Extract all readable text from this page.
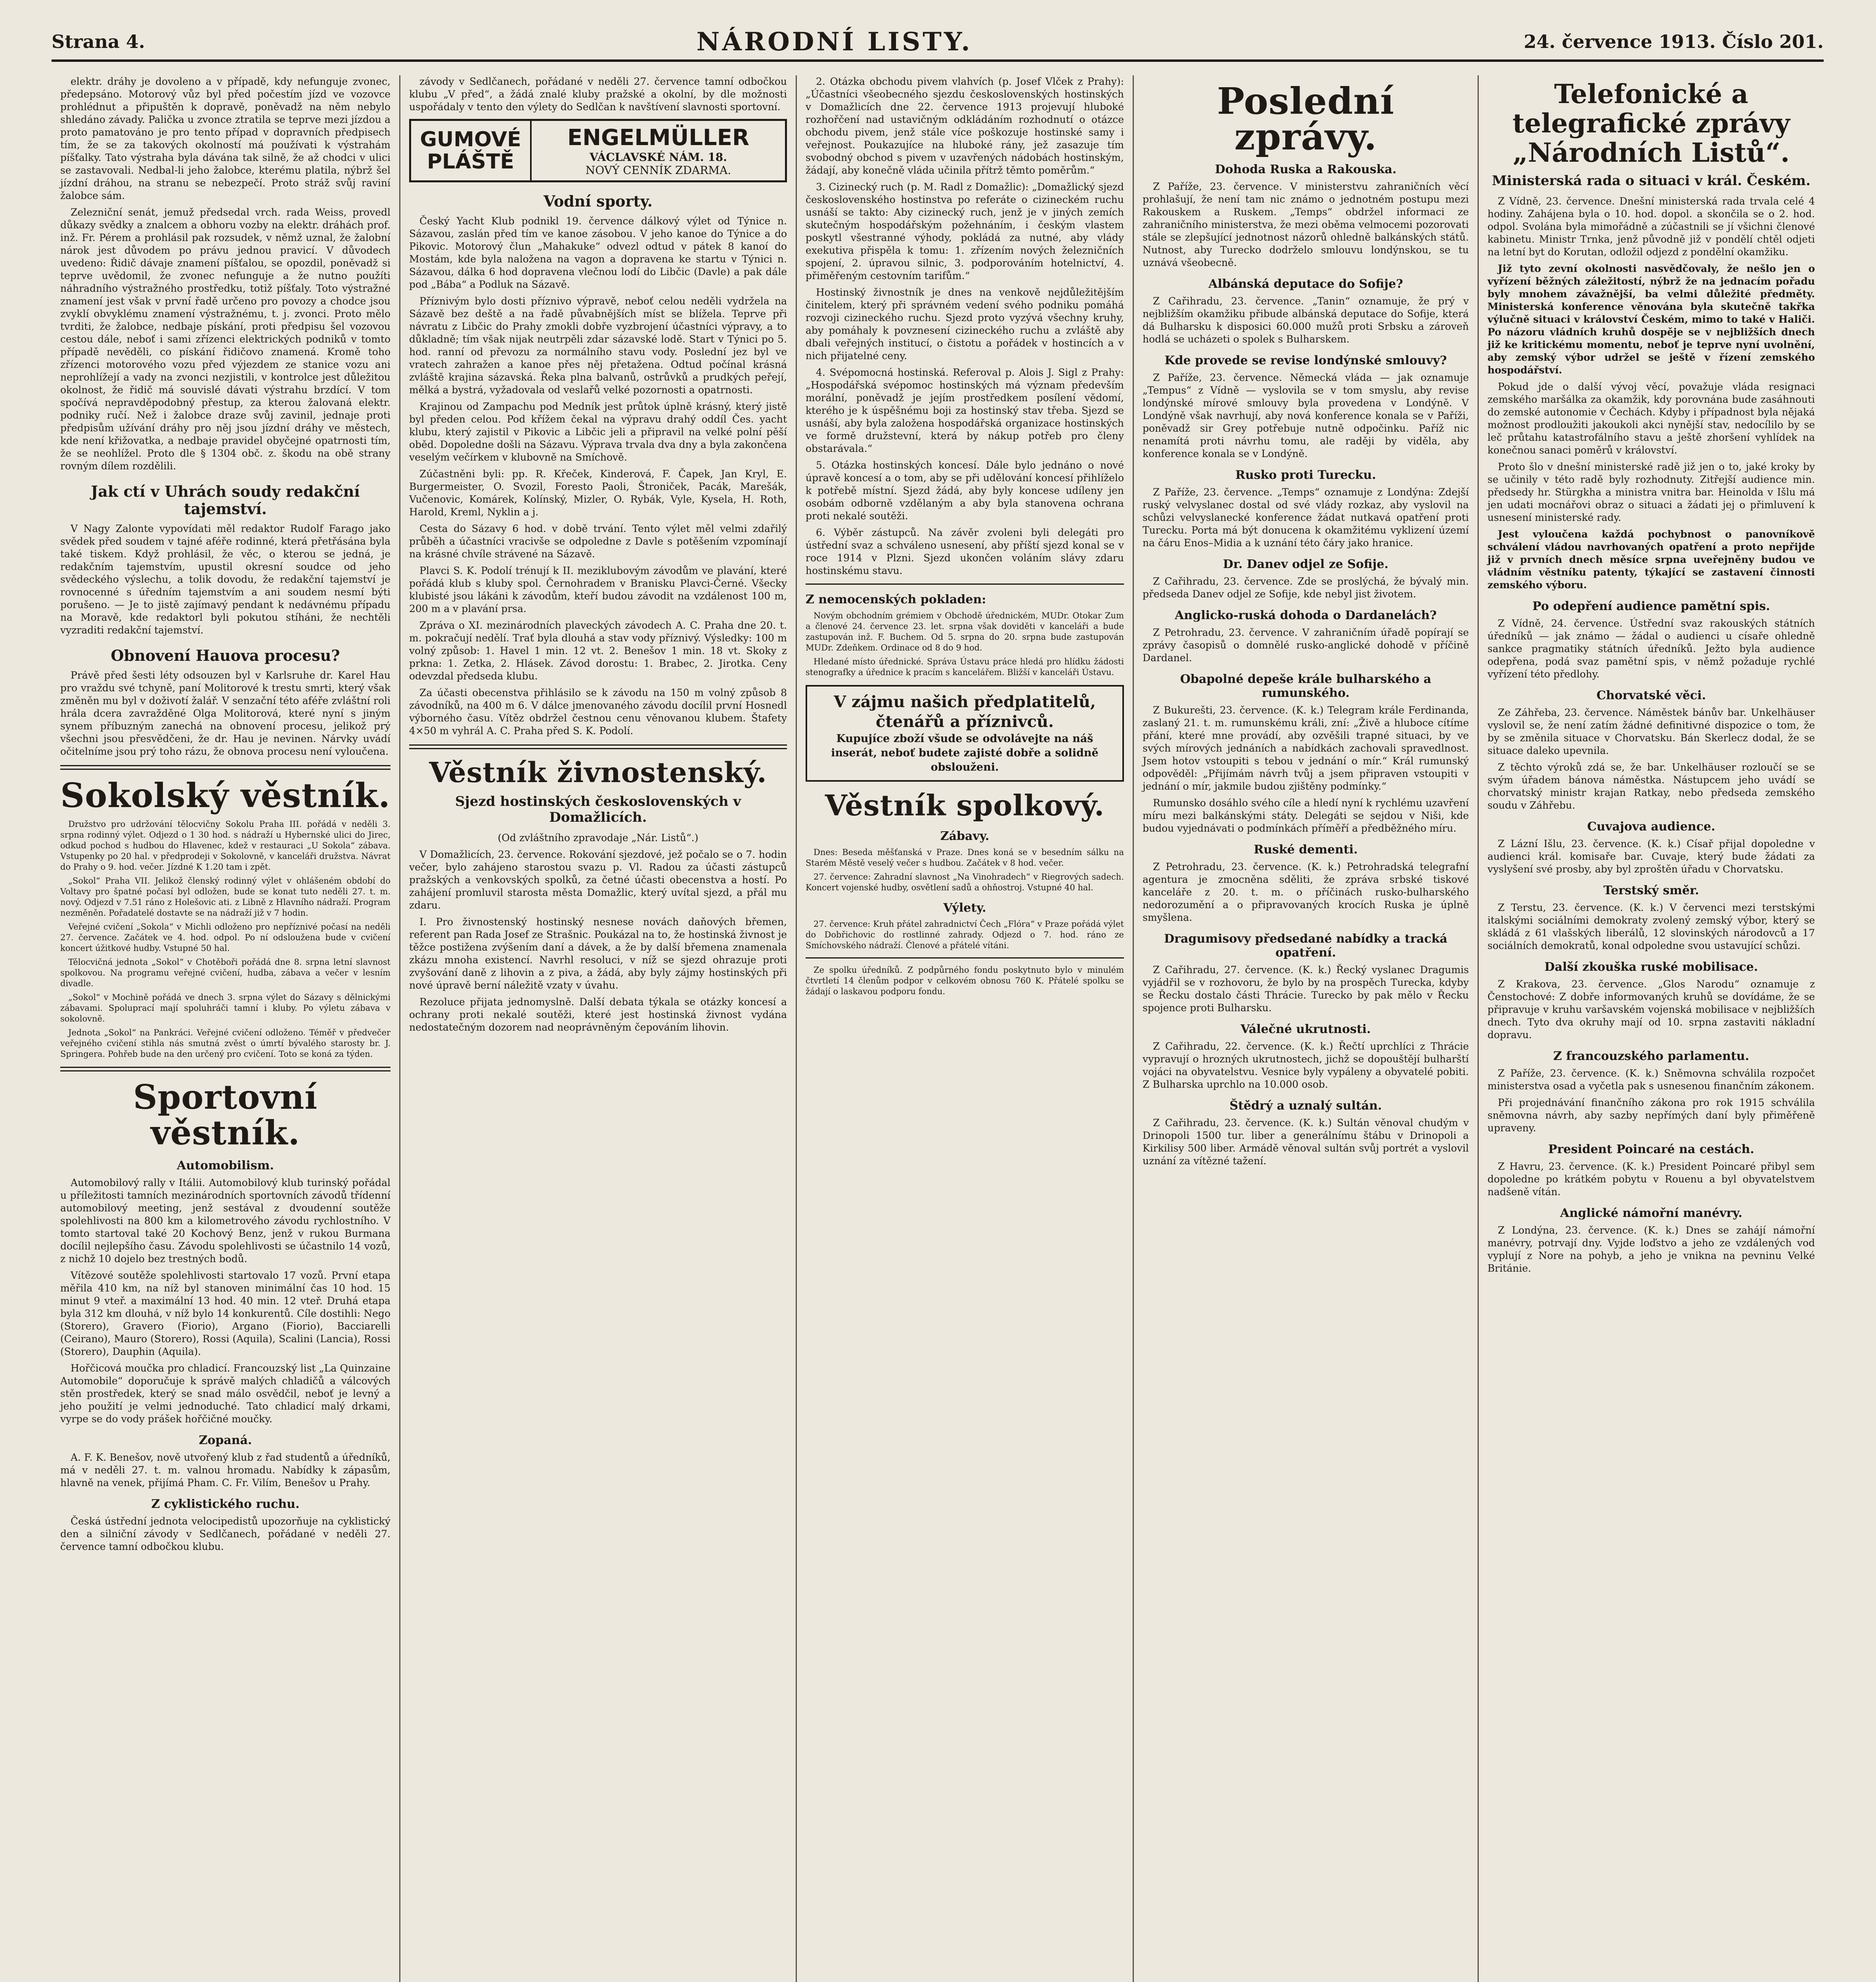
Strana 4.	NÁRODNÍ LISTY.	24. července 1913. Číslo 201.

elektr. dráhy je dovoleno a v případě, kdy nefunguje zvonec, předepsáno. Motorový vůz byl před počestím jízd ve vozovce prohlédnut a připuštěn k dopravě, poněvadž na něm nebylo shledáno závady. Palička u zvonce ztratila se teprve mezi jízdou a proto pamatováno je pro tento případ v dopravních předpisech tím, že se za takových okolností má používati k výstrahám píšťalky. Tato výstraha byla dávána tak silně, že až chodci v ulici se zastavovali. Nedbal-li jeho žalobce, kterému platila, nýbrž šel jízdní dráhou, na stranu se nebezpečí. Proto stráž svůj raviní žalobce sám.

Zelezniční senát, jemuž předsedal vrch. rada Weiss, provedl důkazy svědky a znalcem a obhoru vozby na elektr. dráhách prof. inž. Fr. Pérem a prohlásil pak rozsudek, v němž uznal, že žalobní nárok jest důvodem po právu jednou pravicí. V důvodech uvedeno: Řidič dávaje znamení píšťalou, se opozdil, poněvadž si teprve uvědomil, že zvonec nefunguje a že nutno použíti náhradního výstražného prostředku, totiž píšťaly. Toto výstražné znamení jest však v první řadě určeno pro povozy a chodce jsou zvyklí obvyklému znamení výstražnému, t. j. zvonci. Proto mělo tvrditi, že žalobce, nedbaje pískání, proti předpisu šel vozovou cestou dále, neboť i sami zřízenci elektrických podniků v tomto případě nevěděli, co pískání řidičovo znamená. Kromě toho zřízenci motorového vozu před výjezdem ze stanice vozu ani neprohlížejí a vady na zvonci nezjistili, v kontrolce jest důležitou okolnost, že řidič má souvislé dávati výstrahu brzdící. V tom spočívá nepravděpodobný přestup, za kterou žalovaná elektr. podniky ručí. Než i žalobce draze svůj zavinil, jednaje proti předpisům užívání dráhy pro něj jsou jízdní dráhy ve městech, kde není křižovatka, a nedbaje pravidel obyčejné opatrnosti tím, že se neohlížel. Proto dle § 1304 obč. z. škodu na obě strany rovným dílem rozdělili.

Jak ctí v Uhrách soudy redakční tajemství.

V Nagy Zalonte vypovídati měl redaktor Rudolf Farago jako svědek před soudem v tajné aféře rodinné, která přetřásána byla také tiskem. Když prohlásil, že věc, o kterou se jedná, je redakčním tajemstvím, upustil okresní soudce od jeho svědeckého výslechu, a tolik dovodu, že redakční tajemství je rovnocenné s úředním tajemstvím a ani soudem nesmí býti porušeno. — Je to jistě zajímavý pendant k nedávnému případu na Moravě, kde redaktorl byli pokutou stíháni, že nechtěli vyzraditi redakční tajemství.

Obnovení Hauova procesu?

Právě před šesti léty odsouzen byl v Karlsruhe dr. Karel Hau pro vraždu své tchyně, paní Molitorové k trestu smrti, který však změněn mu byl v doživotí žalář. V senzační této aféře zvláštní roli hrála dcera zavražděné Olga Molitorová, které nyní s jiným synem příbuzným zanechá na obnovení procesu, jelikož prý všechni jsou přesvědčeni, že dr. Hau je nevinen. Nárvky uvádí očitelníme jsou prý toho rázu, že obnova procesu není vyloučena.

Sokolský věstník.

Družstvo pro udržování tělocvičny Sokolu Praha III. pořádá v neděli 3. srpna rodinný výlet. Odjezd o 1 30 hod. s nádraží u Hybernské ulici do Jirec, odkud pochod s hudbou do Hlavenec, kdež v restauraci „U Sokola“ zábava. Vstupenky po 20 hal. v předprodeji v Sokolovně, v kanceláři družstva. Návrat do Prahy o 9. hod. večer. Jízdné K 1.20 tam i zpět.

„Sokol“ Praha VII. Jelikož členský rodinný výlet v ohlášeném období do Voltavy pro špatné počasí byl odložen, bude se konat tuto neděli 27. t. m. nový. Odjezd v 7.51 ráno z Holešovic ati. z Libně z Hlavního nádraží. Program nezměněn. Pořadatelé dostavte se na nádraží již v 7 hodin.

Veřejné cvičení „Sokola“ v Michli odloženo pro nepříznivé počasí na neděli 27. července. Začátek ve 4. hod. odpol. Po ní odsloužena bude v cvičení koncert úžitkové hudby. Vstupné 50 hal.

Tělocvičná jednota „Sokol“ v Chotěboři pořádá dne 8. srpna letní slavnost spolkovou. Na programu veřejné cvičení, hudba, zábava a večer v lesním divadle.

„Sokol“ v Mochině pořádá ve dnech 3. srpna výlet do Sázavy s dělnickými zábavami. Spoluprací mají spoluhráči tamní i kluby. Po výletu zábava v sokolovně.

Jednota „Sokol“ na Pankráci. Veřejné cvičení odloženo. Téměř v předvečer veřejného cvičení stihla nás smutná zvěst o úmrtí bývalého starosty br. J. Springera. Pohřeb bude na den určený pro cvičení. Toto se koná za týden.

Sportovní věstník.
Automobilism.

Automobilový rally v Itálii. Automobilový klub turinský pořádal u příležitosti tamních mezinárodních sportovních závodů třídenní automobilový meeting, jenž sestával z dvoudenní soutěže spolehlivosti na 800 km a kilometrového závodu rychlostního. V tomto startoval také 20 Kochový Benz, jenž v rukou Burmana docílil nejlepšího času. Závodu spolehlivosti se účastnilo 14 vozů, z nichž 10 dojelo bez trestných bodů.

Vítězové soutěže spolehlivosti startovalo 17 vozů. První etapa měřila 410 km, na níž byl stanoven minimální čas 10 hod. 15 minut 9 vteř. a maximální 13 hod. 40 min. 12 vteř. Druhá etapa byla 312 km dlouhá, v níž bylo 14 konkurentů. Cíle dostihli: Nego (Storero), Gravero (Fiorio), Argano (Fiorio), Bacciarelli (Ceirano), Mauro (Storero), Rossi (Aquila), Scalini (Lancia), Rossi (Storero), Dauphin (Aquila).

Hořčicová moučka pro chladicí. Francouzský list „La Quinzaine Automobile“ doporučuje k správě malých chladičů a válcových stěn prostředek, který se snad málo osvědčil, neboť je levný a jeho použití je velmi jednoduché. Tato chladicí malý drkami, vyrpe se do vody prášek hořčičné moučky.

Zopaná.

A. F. K. Benešov, nově utvořený klub z řad studentů a úředníků, má v neděli 27. t. m. valnou hromadu. Nabídky k zápasům, hlavně na venek, přijímá Pham. C. Fr. Vilím, Benešov u Prahy.

Z cyklistického ruchu.

Česká ústřední jednota velocipedistů upozorňuje na cyklistický den a silniční závody v Sedlčanech, pořádané v neděli 27. července tamní odbočkou klubu.

závody v Sedlčanech, pořádané v neděli 27. července tamní odbočkou klubu „V před“, a žádá znalé kluby pražské a okolní, by dle možnosti uspořádaly v tento den výlety do Sedlčan k navštívení slavnosti sportovní.

GUMOVÉ
PLÁŠTĚ
ENGELMÜLLER
VÁCLAVSKÉ NÁM. 18.
NOVÝ CENNÍK ZDARMA.
Vodní sporty.

Český Yacht Klub podnikl 19. července dálkový výlet od Týnice n. Sázavou, zaslán před tím ve kanoe zásobou. V jeho kanoe do Týnice a do Pikovic. Motorový člun „Mahakuke“ odvezl odtud v pátek 8 kanoí do Mostám, kde byla naložena na vagon a dopravena ke startu v Týnici n. Sázavou, dálka 6 hod dopravena vlečnou lodí do Libčic (Davle) a pak dále pod „Bába“ a Podluk na Sázavě.

Příznivým bylo dosti příznivo výpravě, neboť celou neděli vydržela na Sázavě bez deště a na řadě půvabnějších míst se blížela. Teprve při návratu z Libčic do Prahy zmokli dobře vyzbrojení účastníci výpravy, a to důkladně; tím však nijak neutrpěli zdar sázavské lodě. Start v Týnici po 5. hod. ranní od převozu za normálního stavu vody. Poslední jez byl ve vratech zahražen a kanoe přes něj přetažena. Odtud počínal krásná zvláště krajina sázavská. Řeka plna balvanů, ostrůvků a prudkých peřejí, mělká a bystrá, vyžadovala od veslařů velké pozornosti a opatrnosti.

Krajinou od Zampachu pod Medník jest průtok úplně krásný, který jistě byl předen celou. Pod křížem čekal na výpravu drahý oddíl Čes. yacht klubu, který zajistil v Pikovic a Libčic jeli a připravil na velké polní pěší oběd. Dopoledne došli na Sázavu. Výprava trvala dva dny a byla zakončena veselým večírkem v klubovně na Smíchově.

Zúčastněni byli: pp. R. Křeček, Kinderová, F. Čapek, Jan Kryl, E. Burgermeister, O. Svozil, Foresto Paoli, Štroniček, Pacák, Marešák, Vučenovic, Komárek, Kolínský, Mizler, O. Rybák, Vyle, Kysela, H. Roth, Harold, Kreml, Nyklin a j.

Cesta do Sázavy 6 hod. v době trvání. Tento výlet měl velmi zdařilý průběh a účastníci vracivše se odpoledne z Davle s potěšením vzpomínají na krásné chvíle strávené na Sázavě.

Plavci S. K. Podolí trénují k II. meziklubovým závodům ve plavání, které pořádá klub s kluby spol. Černohradem v Branisku Plavci-Černé. Všecky klubisté jsou lákáni k závodům, kteří budou závodit na vzdálenost 100 m, 200 m a v plavání prsa.

Zpráva o XI. mezinárodních plaveckých závodech A. C. Praha dne 20. t. m. pokračují nedělí. Trať byla dlouhá a stav vody příznivý. Výsledky: 100 m volný způsob: 1. Havel 1 min. 12 vt. 2. Benešov 1 min. 18 vt. Skoky z prkna: 1. Zetka, 2. Hlásek. Závod dorostu: 1. Brabec, 2. Jirotka. Ceny odevzdal předseda klubu.

Za účasti obecenstva přihlásilo se k závodu na 150 m volný způsob 8 závodníků, na 400 m 6. V dálce jmenovaného závodu docílil první Hosnedl výborného času. Vítěz obdržel čestnou cenu věnovanou klubem. Štafety 4×50 m vyhrál A. C. Praha před S. K. Podolí.

Věstník živnostenský.
Sjezd hostinských československých v Domažlicích.

(Od zvláštního zpravodaje „Nár. Listů“.)

V Domažlicích, 23. července. Rokování sjezdové, jež počalo se o 7. hodin večer, bylo zahájeno starostou svazu p. Vl. Radou za účasti zástupců pražských a venkovských spolků, za četné účasti obecenstva a hostí. Po zahájení promluvil starosta města Domažlic, který uvítal sjezd, a přál mu zdaru.

I. Pro živnostenský hostinský nesnese novách daňových břemen, referent pan Rada Josef ze Strašnic. Poukázal na to, že hostinská živnost je těžce postižena zvýšením daní a dávek, a že by další břemena znamenala zkázu mnoha existencí. Navrhl resoluci, v níž se sjezd ohrazuje proti zvyšování daně z lihovin a z piva, a žádá, aby byly zájmy hostinských při nové úpravě berní náležitě vzaty v úvahu.

Rezoluce přijata jednomyslně. Další debata týkala se otázky koncesí a ochrany proti nekalé soutěži, které jest hostinská živnost vydána nedostatečným dozorem nad neoprávněným čepováním lihovin.

2. Otázka obchodu pivem vlahvích (p. Josef Vlček z Prahy): „Účastníci všeobecného sjezdu československých hostinských v Domažlicích dne 22. července 1913 projevují hluboké rozhořčení nad ustavičným odkládáním rozhodnutí o otázce obchodu pivem, jenž stále více poškozuje hostinské samy i veřejnost. Poukazujíce na hluboké rány, jež zasazuje tím svobodný obchod s pivem v uzavřených nádobách hostinským, žádají, aby konečně vláda učinila přítrž těmto poměrům.“

3. Cizinecký ruch (p. M. Radl z Domažlic): „Domažlický sjezd československého hostinstva po referáte o cizineckém ruchu usnáší se takto: Aby cizinecký ruch, jenž je v jiných zemích skutečným hospodářským požehnáním, i českým vlastem poskytl všestranné výhody, pokládá za nutné, aby vlády exekutiva přispěla k tomu: 1. zřízením nových železničních spojení, 2. úpravou silnic, 3. podporováním hotelnictví, 4. přiměřeným cestovním tarifům.“

Hostinský živnostník je dnes na venkově nejdůležitějším činitelem, který při správném vedení svého podniku pomáhá rozvoji cizineckého ruchu. Sjezd proto vyzývá všechny kruhy, aby pomáhaly k povznesení cizineckého ruchu a zvláště aby dbali veřejných institucí, o čistotu a pořádek v hostincích a v nich přijatelné ceny.

4. Svépomocná hostinská. Referoval p. Alois J. Sigl z Prahy: „Hospodářská svépomoc hostinských má význam především morální, poněvadž je jejím prostředkem posílení vědomí, kterého je k úspěšnému boji za hostinský stav třeba. Sjezd se usnáší, aby byla založena hospodářská organizace hostinských ve formě družstevní, která by nákup potřeb pro členy obstarávala.“

5. Otázka hostinských koncesí. Dále bylo jednáno o nové úpravě koncesí a o tom, aby se při udělování koncesí přihlíželo k potřebě místní. Sjezd žádá, aby byly koncese udíleny jen osobám odborně vzdělaným a aby byla stanovena ochrana proti nekalé soutěži.

6. Výběr zástupců. Na závěr zvoleni byli delegáti pro ústřední svaz a schváleno usnesení, aby příští sjezd konal se v roce 1914 v Plzni. Sjezd ukončen voláním slávy zdaru hostinskému stavu.

Z nemocenských pokladen:

Novým obchodním grémiem v Obchodě úřednickém, MUDr. Otokar Zum a členové 24. července 23. let. srpna však doviděti v kanceláři a bude zastupován inž. F. Buchem. Od 5. srpna do 20. srpna bude zastupován MUDr. Zdeňkem. Ordinace od 8 do 9 hod.

Hledané místo úřednické. Správa Ústavu práce hledá pro hlídku žádosti stenografky a úřednice k pracím s kancelářem. Bližší v kanceláři Ústavu.

V zájmu našich předplatitelů, čtenářů a příznivců.
Kupujíce zboží všude se odvolávejte na náš inserát, neboť budete zajisté dobře a solidně obslouženi.
Věstník spolkový.
Zábavy.

Dnes: Beseda měšťanská v Praze. Dnes koná se v besedním sálku na Starém Městě veselý večer s hudbou. Začátek v 8 hod. večer.

27. července: Zahradní slavnost „Na Vinohradech“ v Riegrových sadech. Koncert vojenské hudby, osvětlení sadů a ohňostroj. Vstupné 40 hal.

Výlety.

27. července: Kruh přátel zahradnictví Čech „Flóra“ v Praze pořádá výlet do Dobřichovic do rostlinné zahrady. Odjezd o 7. hod. ráno ze Smíchovského nádraží. Členové a přátelé vítáni.

Ze spolku úředníků. Z podpůrného fondu poskytnuto bylo v minulém čtvrtletí 14 členům podpor v celkovém obnosu 760 K. Přátelé spolku se žádají o laskavou podporu fondu.

Poslední zprávy.
Dohoda Ruska a Rakouska.

Z Paříže, 23. července. V ministerstvu zahraničních věcí prohlašují, že není tam nic známo o jednotném postupu mezi Rakouskem a Ruskem. „Temps“ obdržel informaci ze zahraničního ministerstva, že mezi oběma velmocemi pozorovati stále se zlepšující jednotnost názorů ohledně balkánských států. Nutnost, aby Turecko dodrželo smlouvu londýnskou, se tu uznává všeobecně.

Albánská deputace do Sofije?

Z Cařihradu, 23. července. „Tanin“ oznamuje, že prý v nejbližším okamžiku přibude albánská deputace do Sofije, která dá Bulharsku k disposici 60.000 mužů proti Srbsku a zároveň hodlá se ucházeti o spolek s Bulharskem.

Kde provede se revise londýnské smlouvy?

Z Paříže, 23. července. Německá vláda — jak oznamuje „Tempus“ z Vídně — vyslovila se v tom smyslu, aby revise londýnské mírové smlouvy byla provedena v Londýně. V Londýně však navrhují, aby nová konference konala se v Paříži, poněvadž sir Grey potřebuje nutně odpočinku. Paříž nic nenamítá proti návrhu tomu, ale raději by viděla, aby konference konala se v Londýně.

Rusko proti Turecku.

Z Paříže, 23. července. „Temps“ oznamuje z Londýna: Zdejší ruský velvyslanec dostal od své vlády rozkaz, aby vyslovil na schůzi velvyslanecké konference žádat nutkavá opatření proti Turecku. Porta má být donucena k okamžitému vyklizení území na čáru Enos–Midia a k uznání této čáry jako hranice.

Dr. Danev odjel ze Sofije.

Z Cařihradu, 23. července. Zde se proslýchá, že bývalý min. předseda Danev odjel ze Sofije, kde nebyl jist životem.

Anglicko-ruská dohoda o Dardanelách?

Z Petrohradu, 23. července. V zahraničním úřadě popírají se zprávy časopisů o domnělé rusko-anglické dohodě v příčině Dardanel.

Obapolné depeše krále bulharského a rumunského.

Z Bukurešti, 23. července. (K. k.) Telegram krále Ferdinanda, zaslaný 21. t. m. rumunskému králi, zní: „Živě a hluboce cítíme přání, které mne provádí, aby ozvěšili trapné situaci, by ve svých mírových jednáních a nabídkách zachovali spravedlnost. Jsem hotov vstoupiti s tebou v jednání o mír.“ Král rumunský odpověděl: „Přijímám návrh tvůj a jsem připraven vstoupiti v jednání o mír, jakmile budou zjištěny podmínky.“

Rumunsko dosáhlo svého cíle a hledí nyní k rychlému uzavření míru mezi balkánskými státy. Delegáti se sejdou v Niši, kde budou vyjednávati o podmínkách příměří a předběžného míru.

Ruské dementi.

Z Petrohradu, 23. července. (K. k.) Petrohradská telegrafní agentura je zmocněna sděliti, že zpráva srbské tiskové kanceláře z 20. t. m. o příčinách rusko-bulharského nedorozumění a o připravovaných krocích Ruska je úplně smyšlena.

Dragumisovy předsedané nabídky a tracká opatření.

Z Cařihradu, 27. července. (K. k.) Řecký vyslanec Dragumis vyjádřil se v rozhovoru, že bylo by na prospěch Turecka, kdyby se Řecku dostalo části Thrácie. Turecko by pak mělo v Řecku spojence proti Bulharsku.

Válečné ukrutnosti.

Z Cařihradu, 22. července. (K. k.) Řečtí uprchlíci z Thrácie vypravují o hrozných ukrutnostech, jichž se dopouštějí bulharští vojáci na obyvatelstvu. Vesnice byly vypáleny a obyvatelé pobiti. Z Bulharska uprchlo na 10.000 osob.

Štědrý a uznalý sultán.

Z Cařihradu, 23. července. (K. k.) Sultán věnoval chudým v Drinopoli 1500 tur. liber a generálnímu štábu v Drinopoli a Kirkilisy 500 liber. Armádě věnoval sultán svůj portrét a vyslovil uznání za vítězné tažení.

Telefonické a telegrafické zprávy „Národních Listů“.
Ministerská rada o situaci v král. Českém.

Z Vídně, 23. července. Dnešní ministerská rada trvala celé 4 hodiny. Zahájena byla o 10. hod. dopol. a skončila se o 2. hod. odpol. Svolána byla mimořádně a zúčastnili se jí všichni členové kabinetu. Ministr Trnka, jenž původně již v pondělí chtěl odjeti na letní byt do Korutan, odložil odjezd z pondělní okamžiku.

Již tyto zevní okolnosti nasvědčovaly, že nešlo jen o vyřízení běžných záležitostí, nýbrž že na jednacím pořadu byly mnohem závažnější, ba velmi důležité předměty. Ministerská konference věnována byla skutečně takřka výlučně situaci v království Českém, mimo to také v Haliči. Po názoru vládních kruhů dospěje se v nejbližších dnech již ke kritickému momentu, neboť je teprve nyní uvolnění, aby zemský výbor udržel se ještě v řízení zemského hospodářství.

Pokud jde o další vývoj věcí, považuje vláda resignaci zemského maršálka za okamžik, kdy porovnána bude zasáhnouti do zemské autonomie v Čechách. Kdyby i případnost byla nějaká možnost prodloužiti jakoukoli akci nynější stav, nedocílilo by se leč průtahu katastrofálního stavu a ještě zhoršení vyhlídek na konečnou sanaci poměrů v království.

Proto šlo v dnešní ministerské radě již jen o to, jaké kroky by se učinily v této radě byly rozhodnuty. Zitřejší audience min. předsedy hr. Stürgkha a ministra vnitra bar. Heinolda v Išlu má jen udati mocnářovi obraz o situaci a žádati jej o přimluvení k usnesení ministerské rady.

Jest vyloučena každá pochybnost o panovníkově schválení vládou navrhovaných opatření a proto nepřijde již v prvních dnech měsíce srpna uveřejněny budou ve vládním věstníku patenty, týkající se zastavení činnosti zemského výboru.

Po odepření audience pamětní spis.

Z Vídně, 24. července. Ústřední svaz rakouských státních úředníků — jak známo — žádal o audienci u císaře ohledně sankce pragmatiky státních úředníků. Ježto byla audience odepřena, podá svaz pamětní spis, v němž požaduje rychlé vyřízení této předlohy.

Chorvatské věci.

Ze Záhřeba, 23. července. Náměstek bánův bar. Unkelhäuser vyslovil se, že není zatím žádné definitivné dispozice o tom, že by se změnila situace v Chorvatsku. Bán Skerlecz dodal, že se situace daleko upevnila.

Z těchto výroků zdá se, že bar. Unkelhäuser rozloučí se se svým úřadem bánova náměstka. Nástupcem jeho uvádí se chorvatský ministr krajan Ratkay, nebo předseda zemského soudu v Záhřebu.

Cuvajova audience.

Z Lázní Išlu, 23. července. (K. k.) Císař přijal dopoledne v audienci král. komisaře bar. Cuvaje, který bude žádati za vyslyšení své prosby, aby byl zproštěn úřadu v Chorvatsku.

Terstský směr.

Z Terstu, 23. července. (K. k.) V červenci mezi terstskými italskými sociálními demokraty zvolený zemský výbor, který se skládá z 61 vlašských liberálů, 12 slovinských národovců a 17 sociálních demokratů, konal odpoledne svou ustavující schůzi.

Další zkouška ruské mobilisace.

Z Krakova, 23. července. „Glos Narodu“ oznamuje z Čenstochové: Z dobře informovaných kruhů se dovídáme, že se připravuje v kruhu varšavském vojenská mobilisace v nejbližších dnech. Tyto dva okruhy mají od 10. srpna zastaviti nákladní dopravu.

Z francouzského parlamentu.

Z Paříže, 23. července. (K. k.) Sněmovna schválila rozpočet ministerstva osad a vyčetla pak s usnesenou finančním zákonem.

Při projednávání finančního zákona pro rok 1915 schválila sněmovna návrh, aby sazby nepřímých daní byly přiměřeně upraveny.

President Poincaré na cestách.

Z Havru, 23. července. (K. k.) President Poincaré přibyl sem dopoledne po krátkém pobytu v Rouenu a byl obyvatelstvem nadšeně vítán.

Anglické námořní manévry.

Z Londýna, 23. července. (K. k.) Dnes se zahájí námořní manévry, potrvají dny. Vyjde loďstvo a jeho ze vzdálených vod vyplují z Nore na pohyb, a jeho je vnikna na pevninu Velké Británie.
